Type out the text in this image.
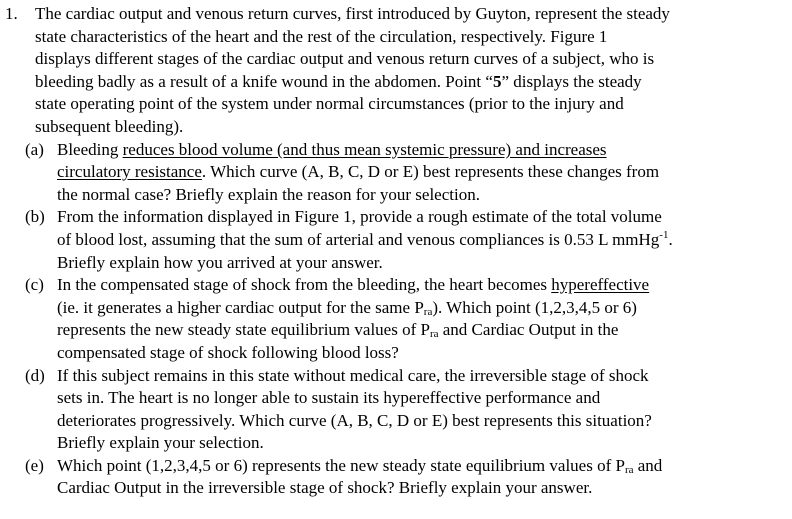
1. The cardiac output and venous return curves, first introduced by Guyton, represent the steady
state characteristics of the heart and the rest of the circulation, respectively. Figure 1
displays different stages of the cardiac output and venous return curves of a subject, who is
bleeding badly as a result of a knife wound in the abdomen. Point “5” displays the steady
state operating point of the system under normal circumstances (prior to the injury and
subsequent bleeding).
(a) Bleeding reduces blood volume (and thus mean systemic pressure) and increases
circulatory resistance. Which curve (A, B, C, D or E) best represents these changes from
the normal case? Briefly explain the reason for your selection.
(b) From the information displayed in Figure 1, provide a rough estimate of the total volume
of blood lost, assuming that the sum of arterial and venous compliances is 0.53 L mmHg$^{-1}$.
Briefly explain how you arrived at your answer.
(c) In the compensated stage of shock from the bleeding, the heart becomes hypereffective
(ie. it generates a higher cardiac output for the same $P_{ra}$). Which point (1,2,3,4,5 or 6)
represents the new steady state equilibrium values of $P_{ra}$ and Cardiac Output in the
compensated stage of shock following blood loss?
(d) If this subject remains in this state without medical care, the irreversible stage of shock
sets in. The heart is no longer able to sustain its hypereffective performance and
deteriorates progressively. Which curve (A, B, C, D or E) best represents this situation?
Briefly explain your selection.
(e) Which point (1,2,3,4,5 or 6) represents the new steady state equilibrium values of $P_{ra}$ and
Cardiac Output in the irreversible stage of shock? Briefly explain your answer.
